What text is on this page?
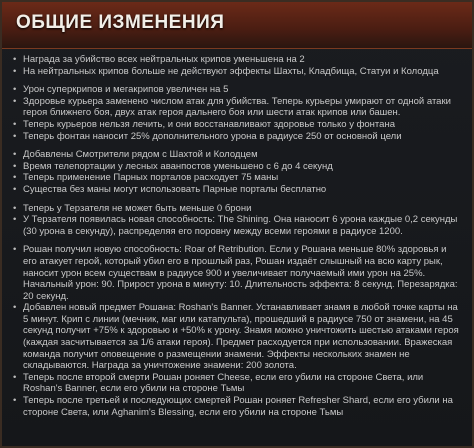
ОБЩИЕ ИЗМЕНЕНИЯ
• Награда за убийство всех нейтральных крипов уменьшена на 2
• На нейтральных крипов больше не действуют эффекты Шахты, Кладбища, Статуи и Колодца
• Урон суперкрипов и мегакрипов увеличен на 5
• Здоровье курьера заменено числом атак для убийства. Теперь курьеры умирают от одной атаки героя ближнего боя, двух атак героя дальнего боя или шести атак крипов или башен.
• Теперь курьеров нельзя лечить, и они восстанавливают здоровье только у фонтана
• Теперь фонтан наносит 25% дополнительного урона в радиусе 250 от основной цели
• Добавлены Смотрители рядом с Шахтой и Колодцем
• Время телепортации у лесных аванпостов уменьшено с 6 до 4 секунд
• Теперь применение Парных порталов расходует 75 маны
• Существа без маны могут использовать Парные порталы бесплатно
• Теперь у Терзателя не может быть меньше 0 брони
• У Терзателя появилась новая способность: The Shining. Она наносит 6 урона каждые 0,2 секунды (30 урона в секунду), распределяя его поровну между всеми героями в радиусе 1200.
• Рошан получил новую способность: Roar of Retribution. Если у Рошана меньше 80% здоровья и его атакует герой, который убил его в прошлый раз, Рошан издаёт слышный на всю карту рык, наносит урон всем существам в радиусе 900 и увеличивает получаемый ими урон на 25%. Начальный урон: 90. Прирост урона в минуту: 10. Длительность эффекта: 8 секунд. Перезарядка: 20 секунд.
• Добавлен новый предмет Рошана: Roshan's Banner. Устанавливает знамя в любой точке карты на 5 минут. Крип с линии (мечник, маг или катапульта), прошедший в радиусе 750 от знамени, на 45 секунд получит +75% к здоровью и +50% к урону. Знамя можно уничтожить шестью атаками героя (каждая засчитывается за 1/6 атаки героя). Предмет расходуется при использовании. Вражеская команда получит оповещение о размещении знамени. Эффекты нескольких знамен не складываются. Награда за уничтожение знамени: 200 золота.
• Теперь после второй смерти Рошан роняет Cheese, если его убили на стороне Света, или Roshan's Banner, если его убили на стороне Тьмы
• Теперь после третьей и последующих смертей Рошан роняет Refresher Shard, если его убили на стороне Света, или Aghanim's Blessing, если его убили на стороне Тьмы
